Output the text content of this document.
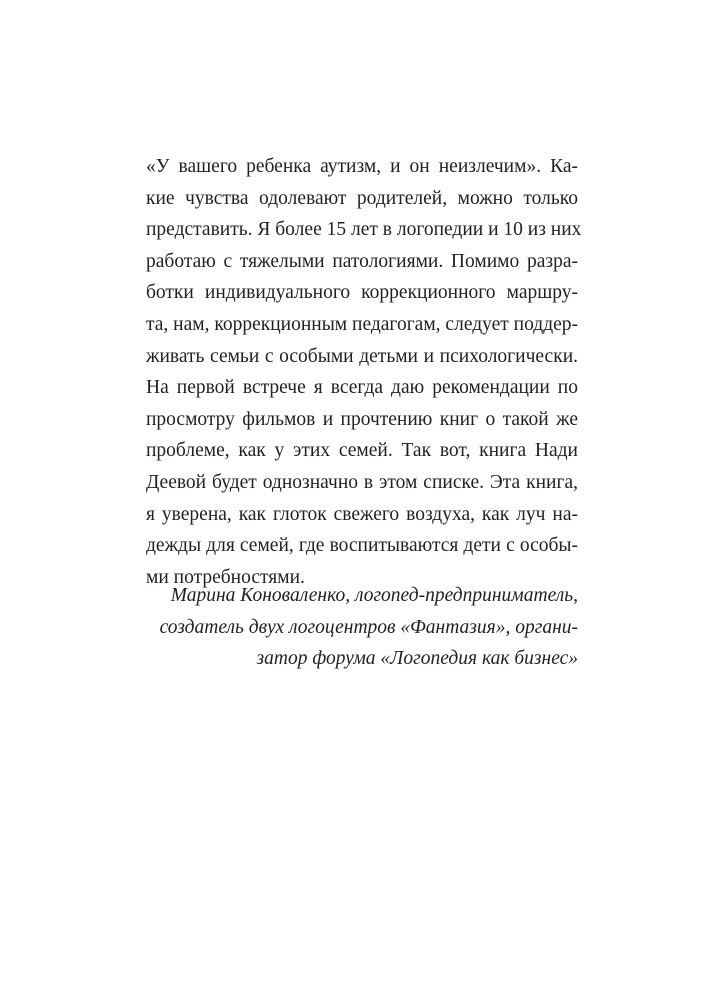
«У вашего ребенка аутизм, и он неизлечим». Ка-
кие чувства одолевают родителей, можно только
представить. Я более 15 лет в логопедии и 10 из них
работаю с тяжелыми патологиями. Помимо разра-
ботки индивидуального коррекционного маршру-
та, нам, коррекционным педагогам, следует поддер-
живать семьи с особыми детьми и психологически.
На первой встрече я всегда даю рекомендации по
просмотру фильмов и прочтению книг о такой же
проблеме, как у этих семей. Так вот, книга Нади
Деевой будет однозначно в этом списке. Эта книга,
я уверена, как глоток свежего воздуха, как луч на-
дежды для семей, где воспитываются дети с особы-
ми потребностями.

Марина Коноваленко, логопед-предприниматель,
создатель двух логоцентров «Фантазия», органи-
затор форума «Логопедия как бизнес»
